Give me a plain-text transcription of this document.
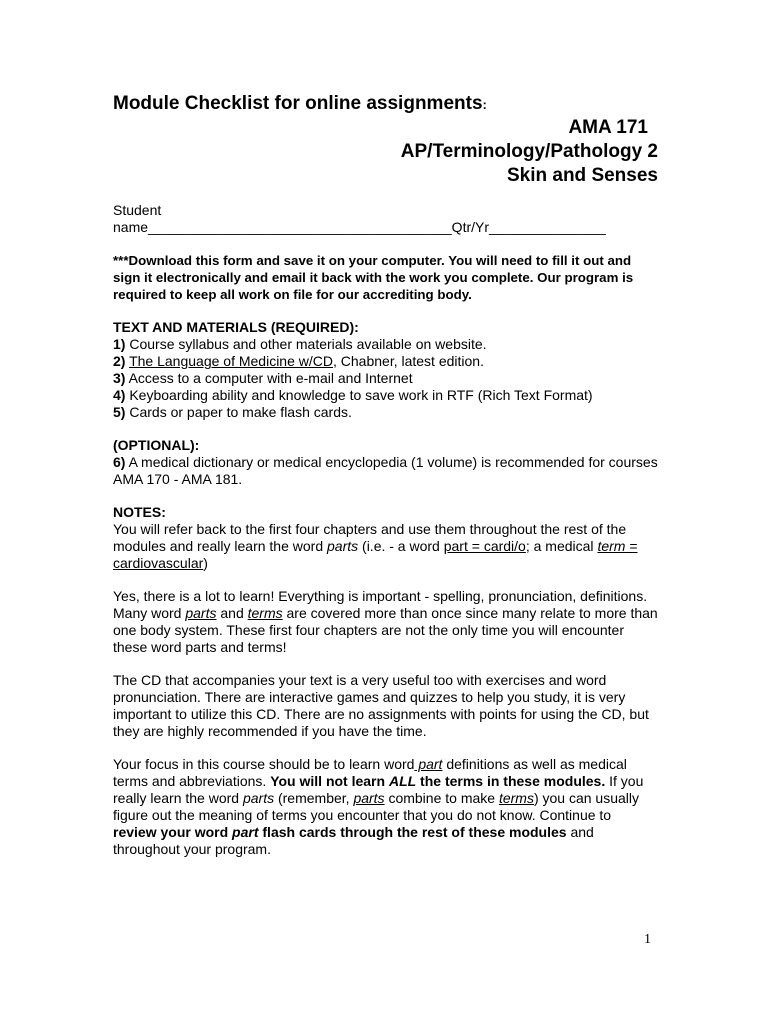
Module Checklist for online assignments:
AMA 171
AP/Terminology/Pathology 2
Skin and Senses
Student
name_______________________________________Qtr/Yr_______________
***Download this form and save it on your computer. You will need to fill it out and sign it electronically and email it back with the work you complete. Our program is required to keep all work on file for our accrediting body.
TEXT AND MATERIALS (REQUIRED):
1) Course syllabus and other materials available on website.
2) The Language of Medicine w/CD, Chabner, latest edition.
3) Access to a computer with e-mail and Internet
4) Keyboarding ability and knowledge to save work in RTF (Rich Text Format)
5) Cards or paper to make flash cards.
(OPTIONAL):
6) A medical dictionary or medical encyclopedia (1 volume) is recommended for courses AMA 170 - AMA 181.
NOTES:
You will refer back to the first four chapters and use them throughout the rest of the modules and really learn the word parts (i.e. - a word part = cardi/o; a medical term = cardiovascular)
Yes, there is a lot to learn! Everything is important - spelling, pronunciation, definitions. Many word parts and terms are covered more than once since many relate to more than one body system. These first four chapters are not the only time you will encounter these word parts and terms!
The CD that accompanies your text is a very useful too with exercises and word pronunciation. There are interactive games and quizzes to help you study, it is very important to utilize this CD. There are no assignments with points for using the CD, but they are highly recommended if you have the time.
Your focus in this course should be to learn word part definitions as well as medical terms and abbreviations. You will not learn ALL the terms in these modules. If you really learn the word parts (remember, parts combine to make terms) you can usually figure out the meaning of terms you encounter that you do not know. Continue to review your word part flash cards through the rest of these modules and throughout your program.
1
